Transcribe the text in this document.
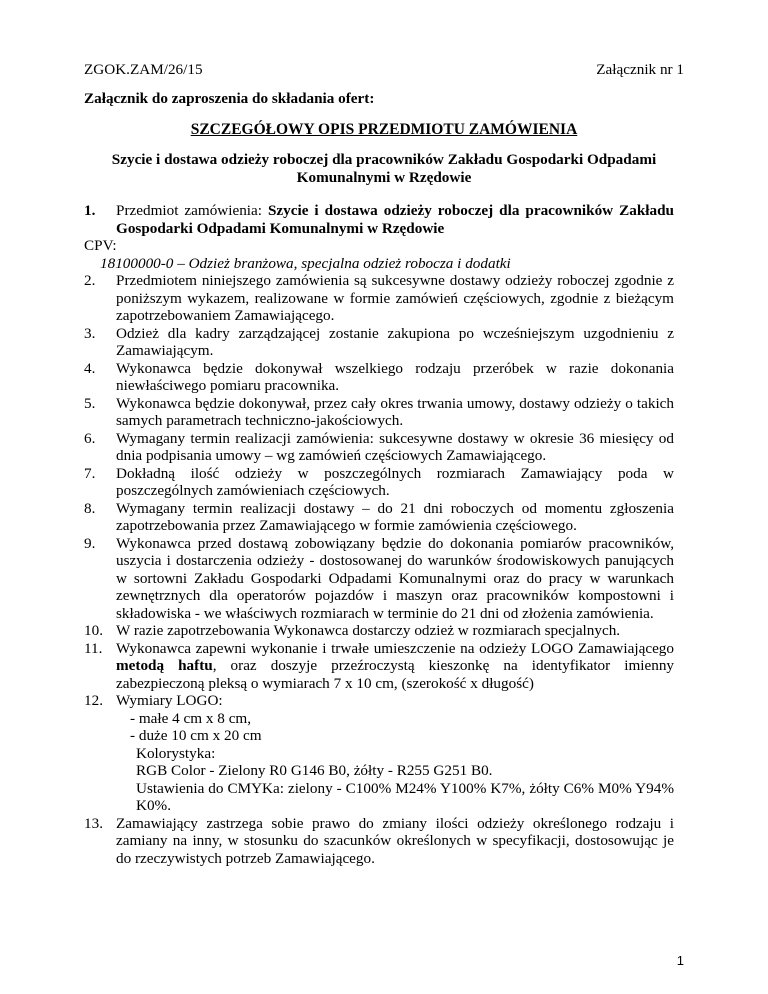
ZGOK.ZAM/26/15	Załącznik nr 1
Załącznik do zaproszenia do składania ofert:
SZCZEGÓŁOWY OPIS PRZEDMIOTU ZAMÓWIENIA
Szycie i dostawa odzieży roboczej dla pracowników Zakładu Gospodarki Odpadami
Komunalnymi w Rzędowie
1.	Przedmiot zamówienia: Szycie i dostawa odzieży roboczej dla pracowników Zakładu Gospodarki Odpadami Komunalnymi w Rzędowie
CPV:
18100000-0 – Odzież branżowa, specjalna odzież robocza i dodatki
2.	Przedmiotem niniejszego zamówienia są sukcesywne dostawy odzieży roboczej zgodnie z poniższym wykazem, realizowane w formie zamówień częściowych, zgodnie z bieżącym zapotrzebowaniem Zamawiającego.
3.	Odzież dla kadry zarządzającej zostanie zakupiona po wcześniejszym uzgodnieniu z Zamawiającym.
4.	Wykonawca będzie dokonywał wszelkiego rodzaju przeróbek w razie dokonania niewłaściwego pomiaru pracownika.
5.	Wykonawca będzie dokonywał, przez cały okres trwania umowy, dostawy odzieży o takich samych parametrach techniczno-jakościowych.
6.	Wymagany termin realizacji zamówienia: sukcesywne dostawy w okresie 36 miesięcy od dnia podpisania umowy – wg zamówień częściowych Zamawiającego.
7.	Dokładną ilość odzieży w poszczególnych rozmiarach Zamawiający poda w poszczególnych zamówieniach częściowych.
8.	Wymagany termin realizacji dostawy – do 21 dni roboczych od momentu zgłoszenia zapotrzebowania przez Zamawiającego w formie zamówienia częściowego.
9.	Wykonawca przed dostawą zobowiązany będzie do dokonania pomiarów pracowników, uszycia i dostarczenia odzieży - dostosowanej do warunków środowiskowych panujących w sortowni Zakładu Gospodarki Odpadami Komunalnymi oraz do pracy w warunkach zewnętrznych dla operatorów pojazdów i maszyn oraz pracowników kompostowni i składowiska - we właściwych rozmiarach w terminie do 21 dni od złożenia zamówienia.
10. W razie zapotrzebowania Wykonawca dostarczy odzież w rozmiarach specjalnych.
11. Wykonawca zapewni wykonanie i trwałe umieszczenie na odzieży LOGO Zamawiającego metodą haftu, oraz doszyje przeźroczystą kieszonkę na identyfikator imienny zabezpieczoną pleksą o wymiarach 7 x 10 cm, (szerokość x długość)
12. Wymiary LOGO:
- małe 4 cm x 8 cm,
- duże 10 cm x 20 cm
Kolorystyka:
RGB Color - Zielony R0 G146 B0, żółty - R255 G251 B0.
Ustawienia do CMYKa: zielony - C100% M24% Y100% K7%, żółty C6% M0% Y94% K0%.
13. Zamawiający zastrzega sobie prawo do zmiany ilości odzieży określonego rodzaju i zamiany na inny, w stosunku do szacunków określonych w specyfikacji, dostosowując je do rzeczywistych potrzeb Zamawiającego.
1
